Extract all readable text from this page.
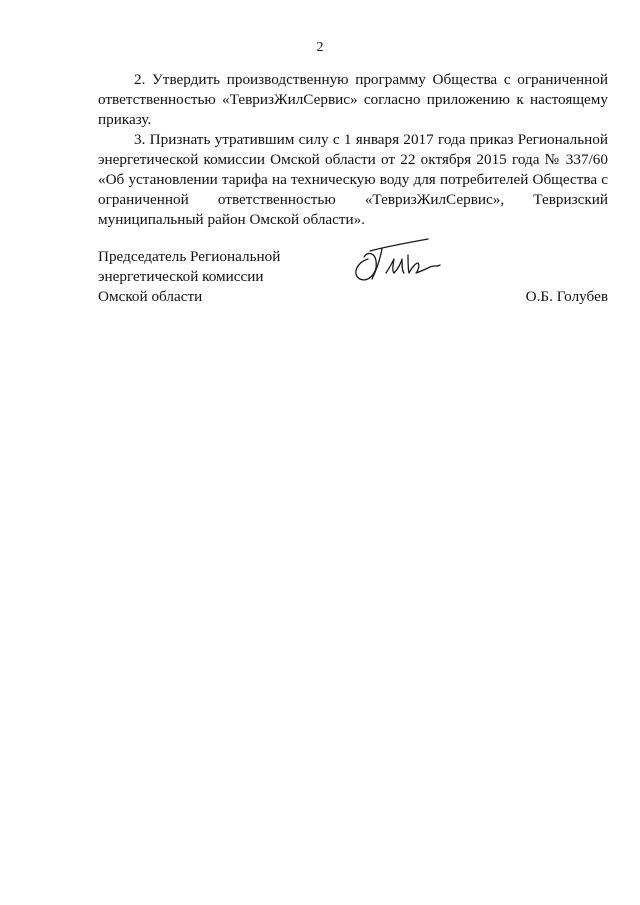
2

2. Утвердить производственную программу Общества с ограниченной ответственностью «ТевризЖилСервис» согласно приложению к настоящему приказу.

3. Признать утратившим силу с 1 января 2017 года приказ Региональной энергетической комиссии Омской области от 22 октября 2015 года № 337/60 «Об установлении тарифа на техническую воду для потребителей Общества с ограниченной ответственностью «ТевризЖилСервис», Тевризский муниципальный район Омской области».

Председатель Региональной
энергетической комиссии
Омской области	О.Б. Голубев
